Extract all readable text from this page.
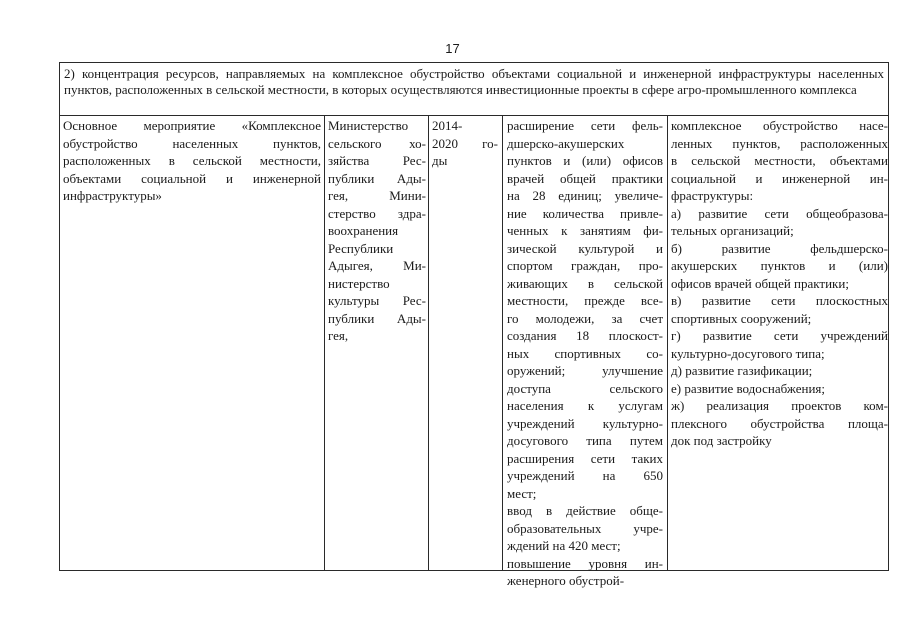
17
2) концентрация ресурсов, направляемых на комплексное обустройство объектами социальной и инженерной инфраструктуры населенных пунктов, расположенных в сельской местности, в которых осуществляются инвестиционные проекты в сфере агро-промышленного комплекса
Основное мероприятие «Комплексное
обустройство населенных пунктов,
расположенных в сельской местности,
объектами социальной и инженерной
инфраструктуры»
Министерство
сельского хо-
зяйства Рес-
публики Ады-
гея, Мини-
стерство здра-
воохранения
Республики
Адыгея, Ми-
нистерство
культуры Рес-
публики Ады-
гея,
2014-
2020 го-
ды
расширение сети фель-
дшерско-акушерских
пунктов и (или) офисов
врачей общей практики
на 28 единиц; увеличе-
ние количества привле-
ченных к занятиям фи-
зической культурой и
спортом граждан, про-
живающих в сельской
местности, прежде все-
го молодежи, за счет
создания 18 плоскост-
ных спортивных со-
оружений; улучшение
доступа сельского
населения к услугам
учреждений культурно-
досугового типа путем
расширения сети таких
учреждений на 650
мест;
ввод в действие обще-
образовательных учре-
ждений на 420 мест;
повышение уровня ин-
женерного обустрой-
комплексное обустройство насе-
ленных пунктов, расположенных
в сельской местности, объектами
социальной и инженерной ин-
фраструктуры:
а) развитие сети общеобразова-
тельных организаций;
б) развитие фельдшерско-
акушерских пунктов и (или)
офисов врачей общей практики;
в) развитие сети плоскостных
спортивных сооружений;
г) развитие сети учреждений
культурно-досугового типа;
д) развитие газификации;
е) развитие водоснабжения;
ж) реализация проектов ком-
плексного обустройства площа-
док под застройку
